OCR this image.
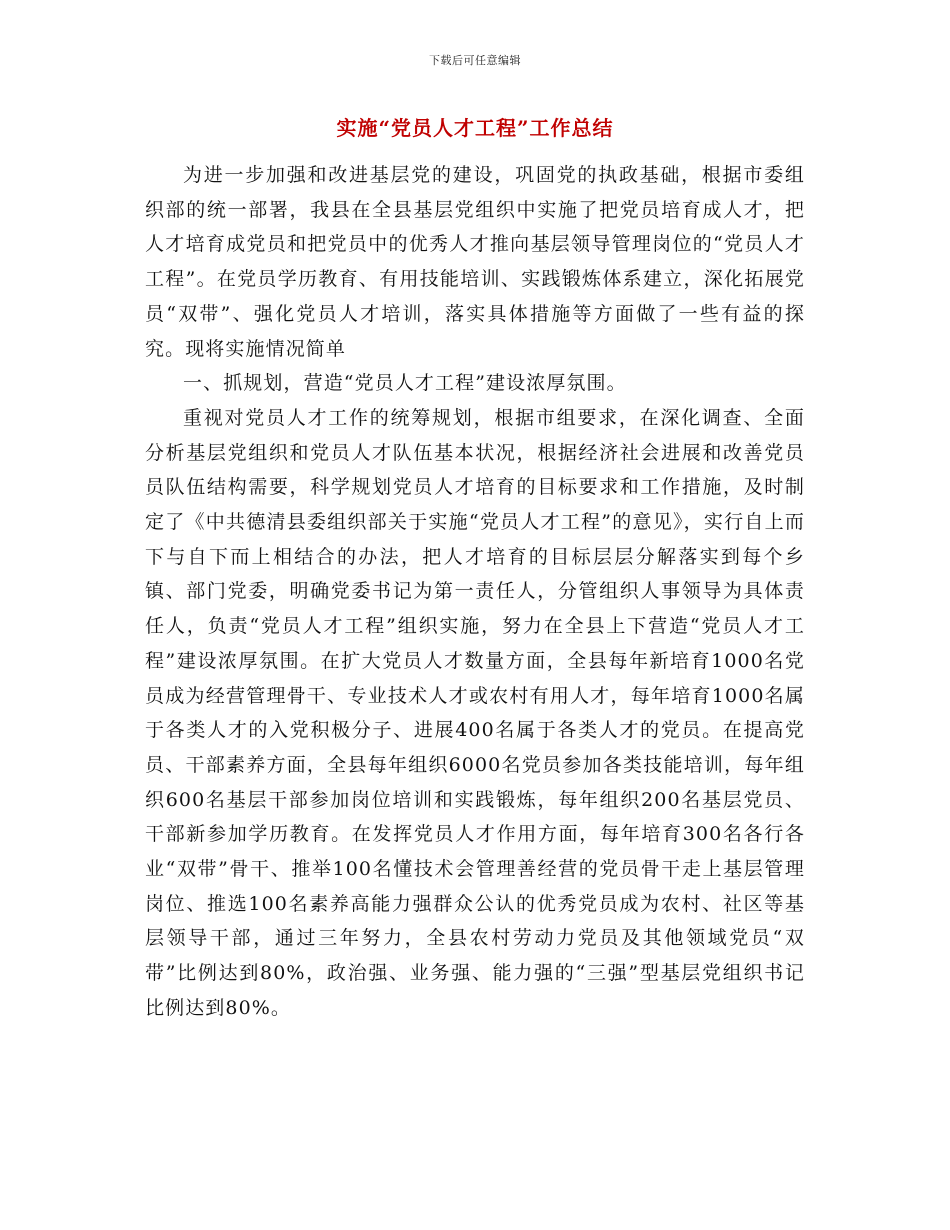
下载后可任意编辑
实施“党员人才工程”工作总结

为进一步加强和改进基层党的建设，巩固党的执政基础，根据市委组织部的统一部署，我县在全县基层党组织中实施了把党员培育成人才，把人才培育成党员和把党员中的优秀人才推向基层领导管理岗位的“党员人才工程”。在党员学历教育、有用技能培训、实践锻炼体系建立，深化拓展党员“双带”、强化党员人才培训，落实具体措施等方面做了一些有益的探究。现将实施情况简单

一、抓规划，营造“党员人才工程”建设浓厚氛围。

重视对党员人才工作的统筹规划，根据市组要求，在深化调查、全面分析基层党组织和党员人才队伍基本状况，根据经济社会进展和改善党员员队伍结构需要，科学规划党员人才培育的目标要求和工作措施，及时制定了《中共德清县委组织部关于实施“党员人才工程”的意见》，实行自上而下与自下而上相结合的办法，把人才培育的目标层层分解落实到每个乡镇、部门党委，明确党委书记为第一责任人，分管组织人事领导为具体责任人，负责“党员人才工程”组织实施，努力在全县上下营造“党员人才工程”建设浓厚氛围。在扩大党员人才数量方面，全县每年新培育1000名党员成为经营管理骨干、专业技术人才或农村有用人才，每年培育1000名属于各类人才的入党积极分子、进展400名属于各类人才的党员。在提高党员、干部素养方面，全县每年组织6000名党员参加各类技能培训，每年组织600名基层干部参加岗位培训和实践锻炼，每年组织200名基层党员、干部新参加学历教育。在发挥党员人才作用方面，每年培育300名各行各业“双带”骨干、推举100名懂技术会管理善经营的党员骨干走上基层管理岗位、推选100名素养高能力强群众公认的优秀党员成为农村、社区等基层领导干部，通过三年努力，全县农村劳动力党员及其他领域党员“双带”比例达到80%，政治强、业务强、能力强的“三强”型基层党组织书记比例达到80%。
